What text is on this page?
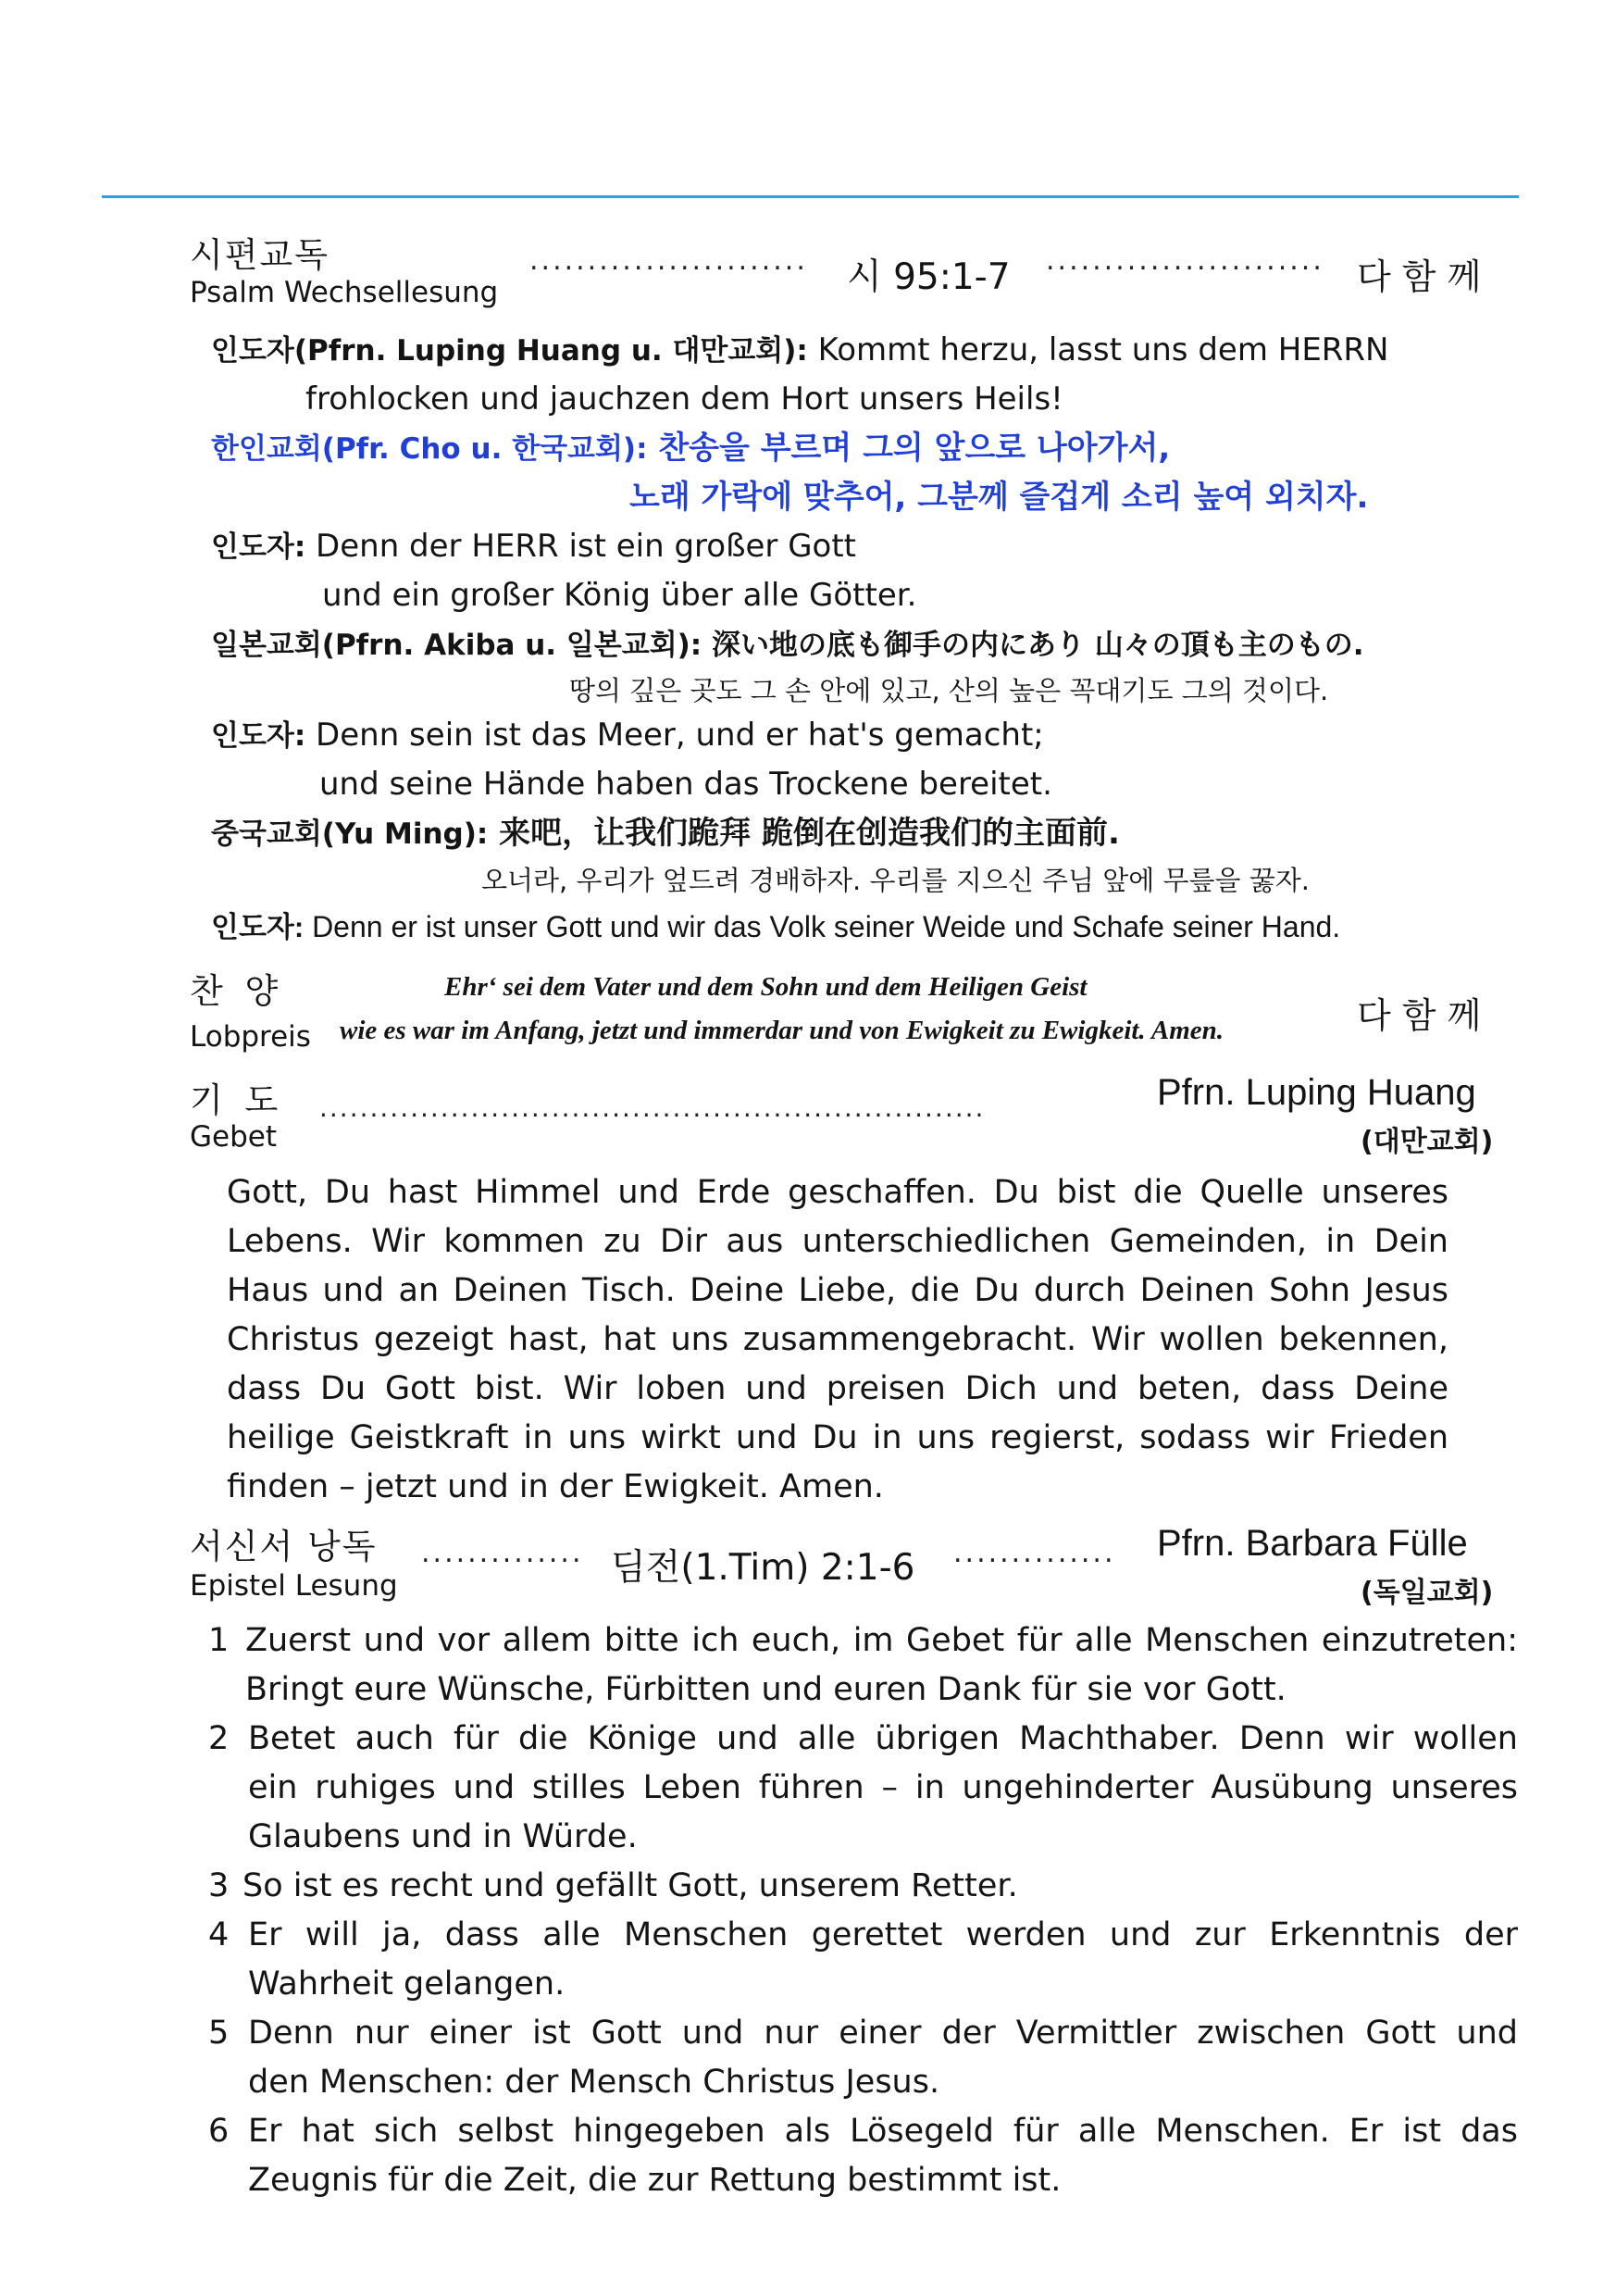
시편교독
Psalm Wechsellesung
........................ 시 95:1-7 ........................ 다 함 께
인도자(Pfrn. Luping Huang u. 대만교회): Kommt herzu, lasst uns dem HERRN
frohlocken und jauchzen dem Hort unsers Heils!
한인교회(Pfr. Cho u. 한국교회): 찬송을 부르며 그의 앞으로 나아가서,
노래 가락에 맞추어, 그분께 즐겁게 소리 높여 외치자.
인도자: Denn der HERR ist ein großer Gott
und ein großer König über alle Götter.
일본교회(Pfrn. Akiba u. 일본교회): 深い地の底も御手の内にあり 山々の頂も主のもの.
땅의 깊은 곳도 그 손 안에 있고, 산의 높은 꼭대기도 그의 것이다.
인도자: Denn sein ist das Meer, und er hat's gemacht;
und seine Hände haben das Trockene bereitet.
중국교회(Yu Ming): 来吧，让我们跪拜 跪倒在创造我们的主面前.
오너라, 우리가 엎드려 경배하자. 우리를 지으신 주님 앞에 무릎을 꿇자.
인도자: Denn er ist unser Gott und wir das Volk seiner Weide und Schafe seiner Hand.
찬 양
Lobpreis
Ehr‘ sei dem Vater und dem Sohn und dem Heiligen Geist
wie es war im Anfang, jetzt und immerdar und von Ewigkeit zu Ewigkeit. Amen.	다 함 께
기 도
Gebet
..................................................................	Pfrn. Luping Huang
(대만교회)
Gott, Du hast Himmel und Erde geschaffen. Du bist die Quelle unseres
Lebens. Wir kommen zu Dir aus unterschiedlichen Gemeinden, in Dein
Haus und an Deinen Tisch. Deine Liebe, die Du durch Deinen Sohn Jesus
Christus gezeigt hast, hat uns zusammengebracht. Wir wollen bekennen,
dass Du Gott bist. Wir loben und preisen Dich und beten, dass Deine
heilige Geistkraft in uns wirkt und Du in uns regierst, sodass wir Frieden
finden – jetzt und in der Ewigkeit. Amen.
서신서 낭독
Epistel Lesung
.............. 딤전(1.Tim) 2:1-6 .............. Pfrn. Barbara Fülle
(독일교회)
1 Zuerst und vor allem bitte ich euch, im Gebet für alle Menschen einzutreten:
Bringt eure Wünsche, Fürbitten und euren Dank für sie vor Gott.
2 Betet auch für die Könige und alle übrigen Machthaber. Denn wir wollen
ein ruhiges und stilles Leben führen – in ungehinderter Ausübung unseres
Glaubens und in Würde.
3 So ist es recht und gefällt Gott, unserem Retter.
4 Er will ja, dass alle Menschen gerettet werden und zur Erkenntnis der
Wahrheit gelangen.
5 Denn nur einer ist Gott und nur einer der Vermittler zwischen Gott und
den Menschen: der Mensch Christus Jesus.
6 Er hat sich selbst hingegeben als Lösegeld für alle Menschen. Er ist das
Zeugnis für die Zeit, die zur Rettung bestimmt ist.
